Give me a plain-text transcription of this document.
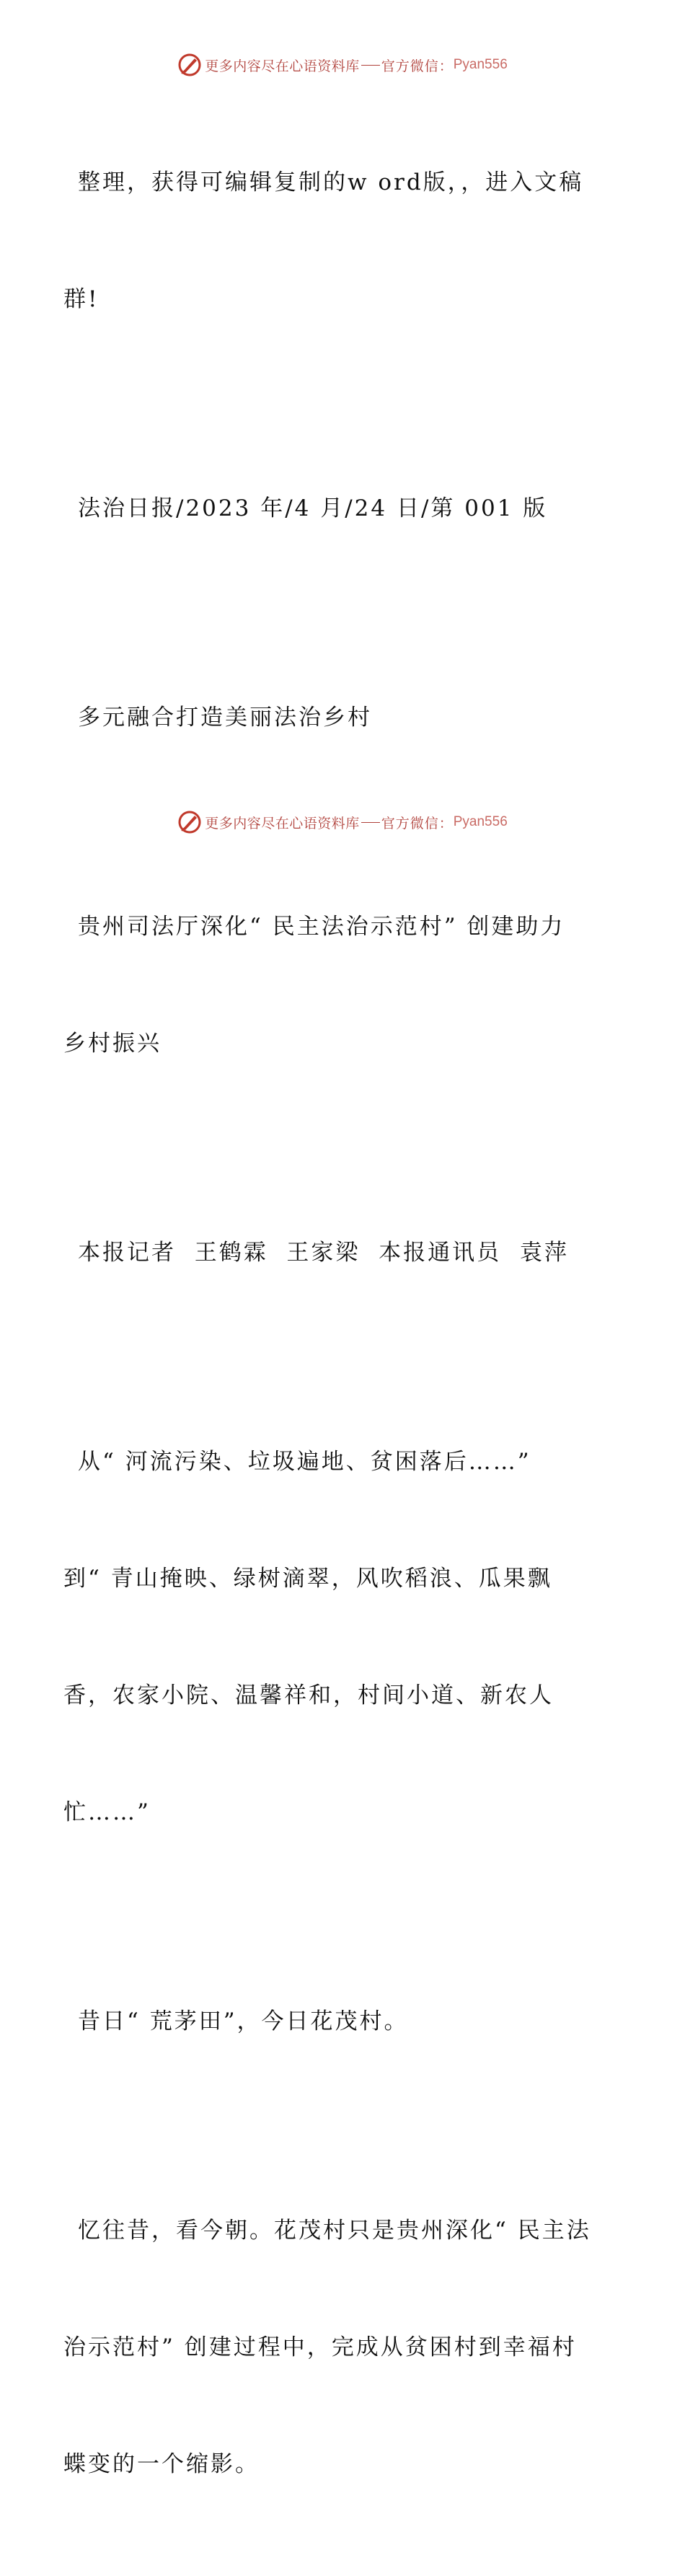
更多内容尽在心语资料库 官方微信： Pyan556

整理，获得可编辑复制的w ord版，，进入文稿

群!

法治日报/2023 年/4 月/24 日/第 001 版

多元融合打造美丽法治乡村

贵州司法厅深化“ 民主法治示范村” 创建助力

乡村振兴

本报记者  王鹤霖  王家梁  本报通讯员  袁萍

从“ 河流污染、垃圾遍地、贫困落后……”

到“ 青山掩映、绿树滴翠，风吹稻浪、瓜果飘

香，农家小院、温馨祥和，村间小道、新农人

忙……”

昔日“ 荒茅田”，今日花茂村。

忆往昔，看今朝。花茂村只是贵州深化“ 民主法

治示范村” 创建过程中，完成从贫困村到幸福村

蝶变的一个缩影。

更多内容尽在心语资料库 官方微信： Pyan556
